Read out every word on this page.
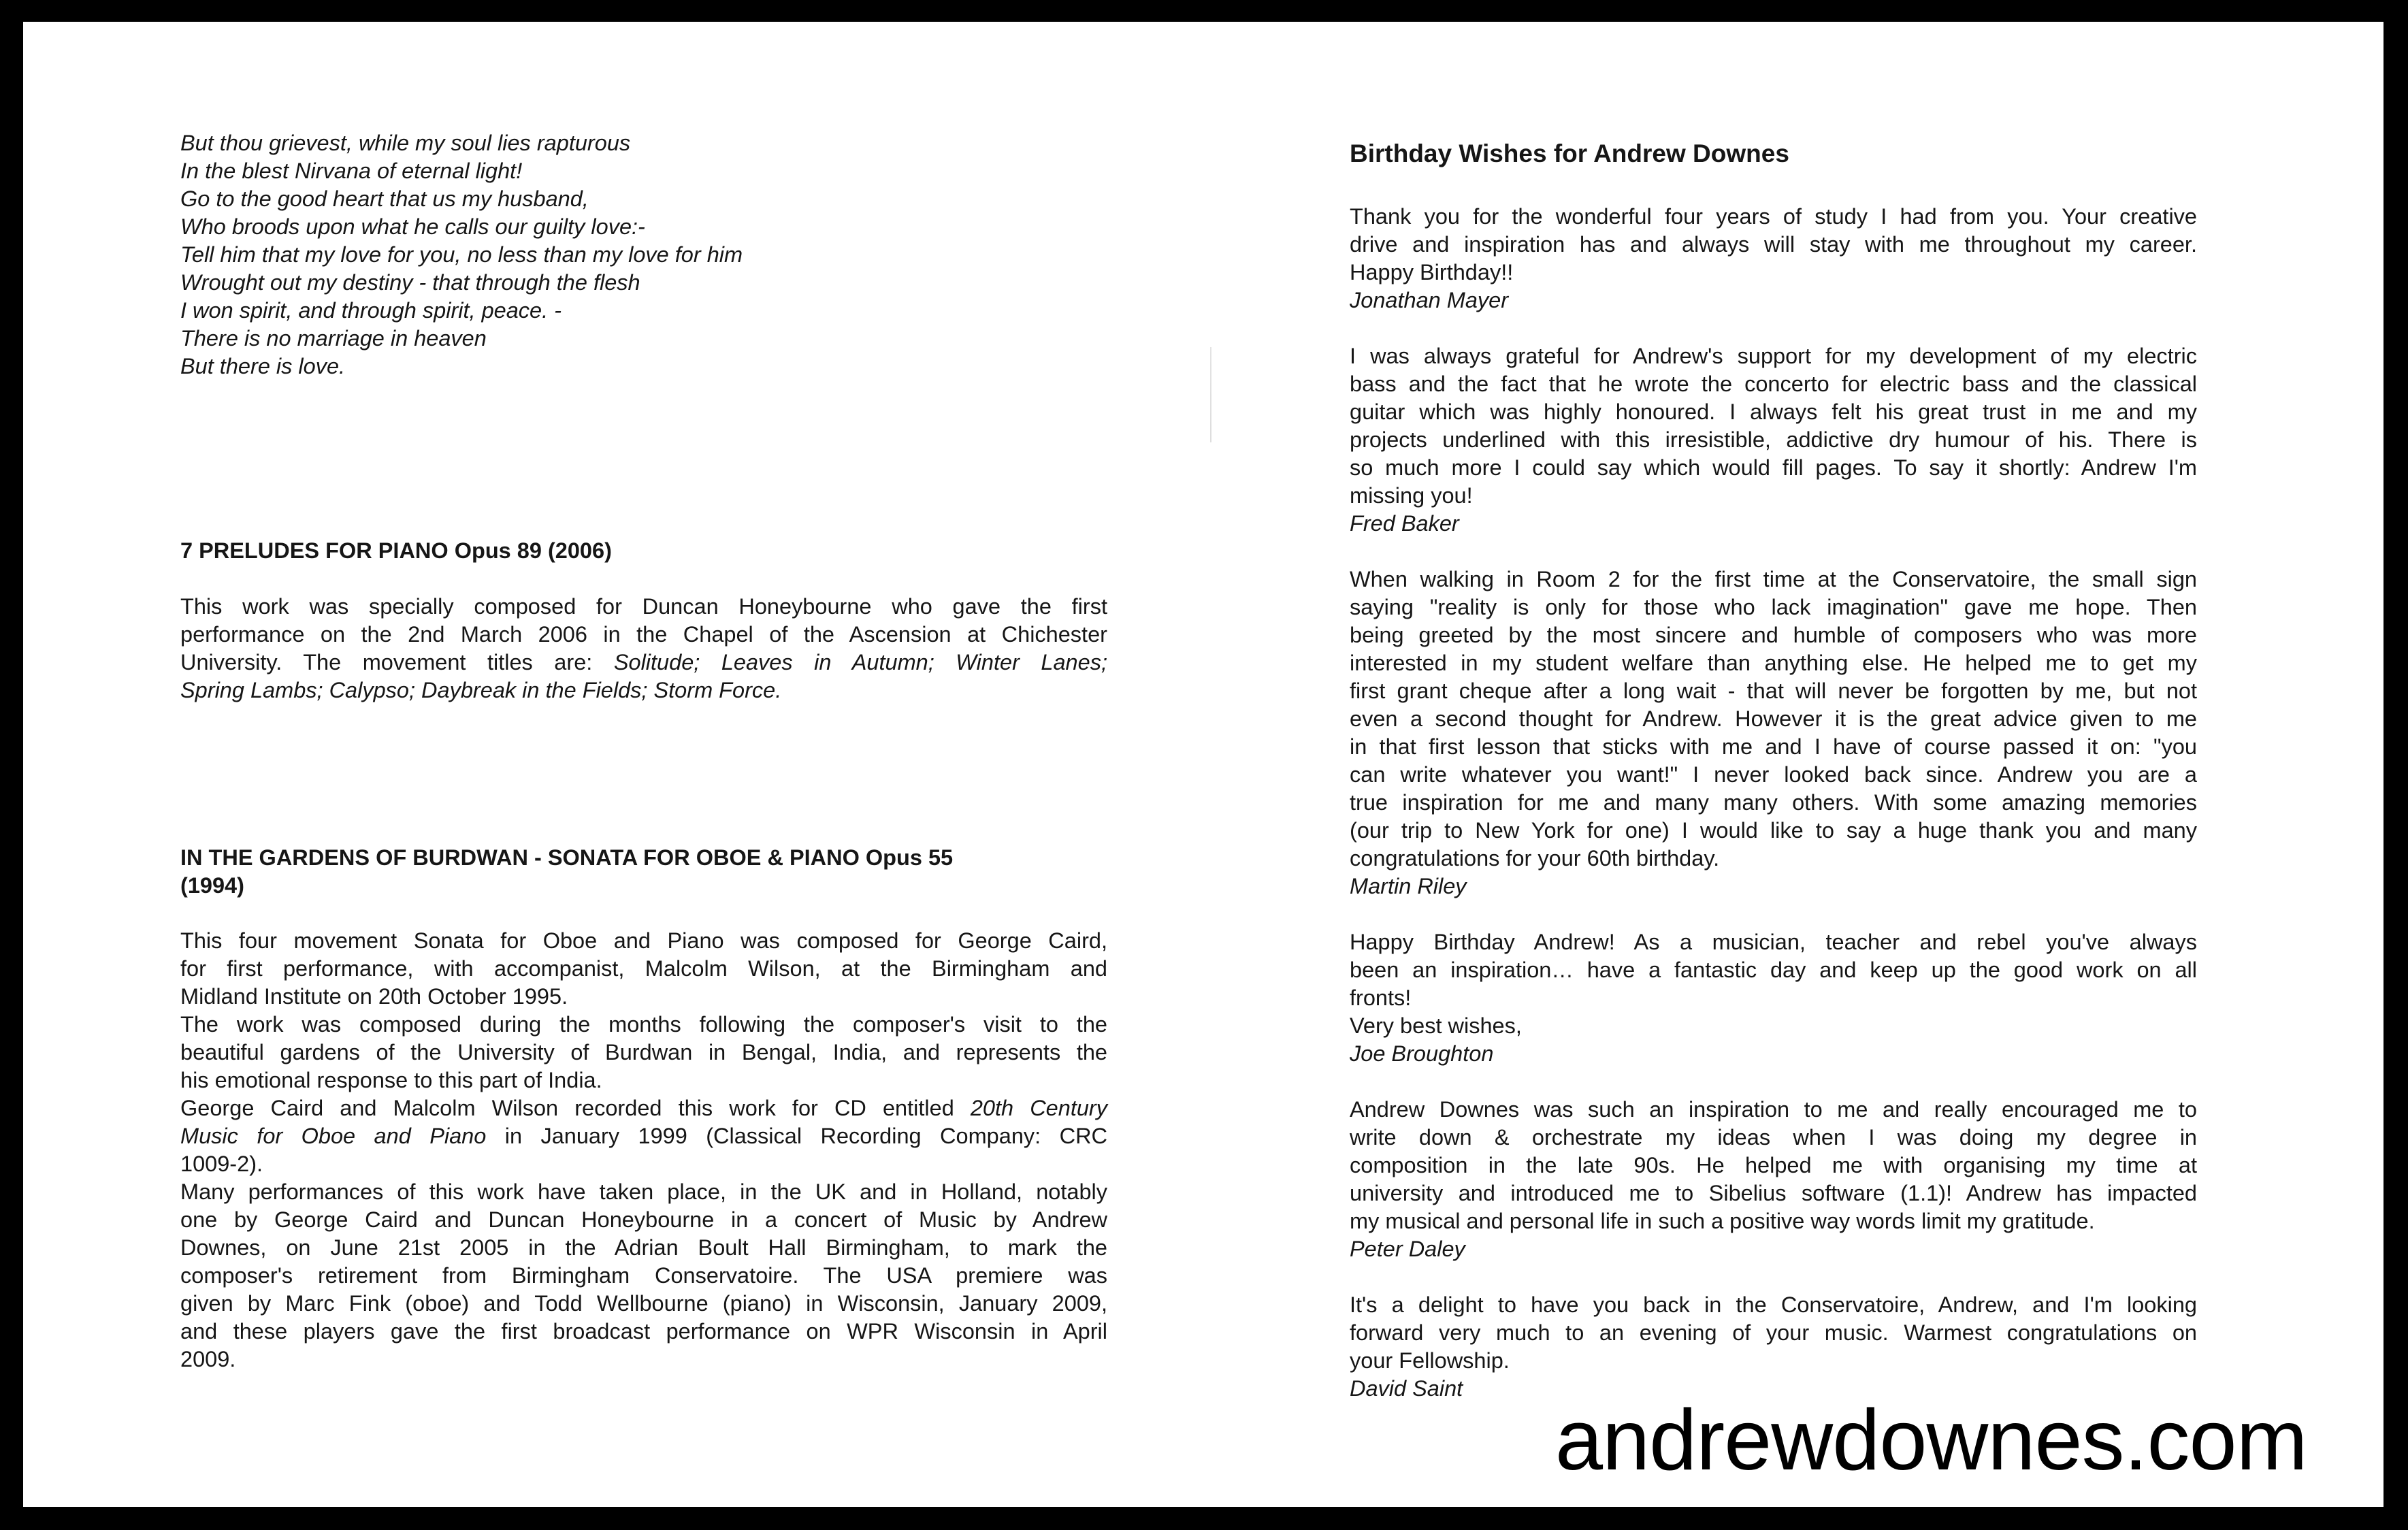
But thou grievest, while my soul lies rapturous
In the blest Nirvana of eternal light!
Go to the good heart that us my husband,
Who broods upon what he calls our guilty love:-
Tell him that my love for you, no less than my love for him
Wrought out my destiny - that through the flesh
I won spirit, and through spirit, peace. -
There is no marriage in heaven
But there is love.
7 PRELUDES FOR PIANO Opus 89 (2006)
This work was specially composed for Duncan Honeybourne who gave the first
performance on the 2nd March 2006 in the Chapel of the Ascension at Chichester
University. The movement titles are: Solitude; Leaves in Autumn; Winter Lanes;
Spring Lambs; Calypso; Daybreak in the Fields; Storm Force.
IN THE GARDENS OF BURDWAN - SONATA FOR OBOE & PIANO Opus 55
(1994)
This four movement Sonata for Oboe and Piano was composed for George Caird,
for first performance, with accompanist, Malcolm Wilson, at the Birmingham and
Midland Institute on 20th October 1995.
The work was composed during the months following the composer's visit to the
beautiful gardens of the University of Burdwan in Bengal, India, and represents the
his emotional response to this part of India.
George Caird and Malcolm Wilson recorded this work for CD entitled 20th Century
Music for Oboe and Piano in January 1999 (Classical Recording Company: CRC
1009-2).
Many performances of this work have taken place, in the UK and in Holland, notably
one by George Caird and Duncan Honeybourne in a concert of Music by Andrew
Downes, on June 21st 2005 in the Adrian Boult Hall Birmingham, to mark the
composer's retirement from Birmingham Conservatoire. The USA premiere was
given by Marc Fink (oboe) and Todd Wellbourne (piano) in Wisconsin, January 2009,
and these players gave the first broadcast performance on WPR Wisconsin in April
2009.
Birthday Wishes for Andrew Downes
Thank you for the wonderful four years of study I had from you. Your creative
drive and inspiration has and always will stay with me throughout my career.
Happy Birthday!!
Jonathan Mayer
I was always grateful for Andrew's support for my development of my electric
bass and the fact that he wrote the concerto for electric bass and the classical
guitar which was highly honoured. I always felt his great trust in me and my
projects underlined with this irresistible, addictive dry humour of his. There is
so much more I could say which would fill pages. To say it shortly: Andrew I'm
missing you!
Fred Baker
When walking in Room 2 for the first time at the Conservatoire, the small sign
saying "reality is only for those who lack imagination" gave me hope. Then
being greeted by the most sincere and humble of composers who was more
interested in my student welfare than anything else. He helped me to get my
first grant cheque after a long wait - that will never be forgotten by me, but not
even a second thought for Andrew. However it is the great advice given to me
in that first lesson that sticks with me and I have of course passed it on: "you
can write whatever you want!" I never looked back since. Andrew you are a
true inspiration for me and many many others. With some amazing memories
(our trip to New York for one) I would like to say a huge thank you and many
congratulations for your 60th birthday.
Martin Riley
Happy Birthday Andrew! As a musician, teacher and rebel you've always
been an inspiration… have a fantastic day and keep up the good work on all
fronts!
Very best wishes,
Joe Broughton
Andrew Downes was such an inspiration to me and really encouraged me to
write down & orchestrate my ideas when I was doing my degree in
composition in the late 90s. He helped me with organising my time at
university and introduced me to Sibelius software (1.1)! Andrew has impacted
my musical and personal life in such a positive way words limit my gratitude.
Peter Daley
It's a delight to have you back in the Conservatoire, Andrew, and I'm looking
forward very much to an evening of your music. Warmest congratulations on
your Fellowship.
David Saint
andrewdownes.com
